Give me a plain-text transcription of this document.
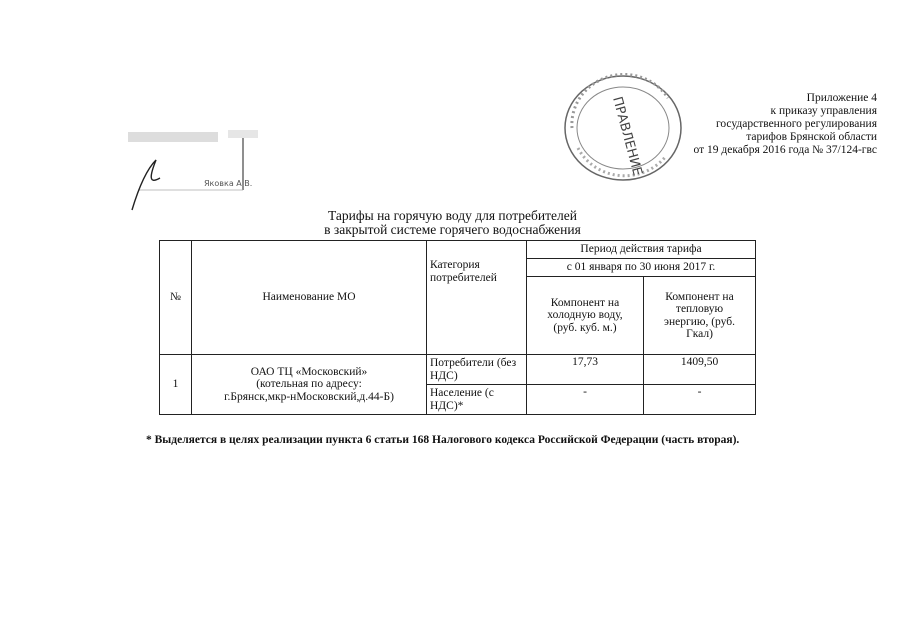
ПРАВЛЕНИЕ
Яковка А.В.
Приложение 4
к приказу управления
государственного регулирования
тарифов Брянской области
от 19 декабря 2016 года № 37/124-гвс
Тарифы на горячую воду для потребителей
в закрытой системе горячего водоснабжения
№	Наименование МО	Категория потребителей	Период действия тарифа	
			с 01 января по 30 июня 2017 г.	
			Компонент на холодную воду, (руб. куб. м.)	Компонент на тепловую энергию, (руб. Гкал)
1	ОАО ТЦ «Московский»
(котельная по адресу:
г.Брянск,мкр-нМосковский,д.44-Б)	Потребители (без НДС)	17,73	1409,50
		Население (с НДС)*	-	-
* Выделяется в целях реализации пункта 6 статьи 168 Налогового кодекса Российской Федерации (часть вторая).
